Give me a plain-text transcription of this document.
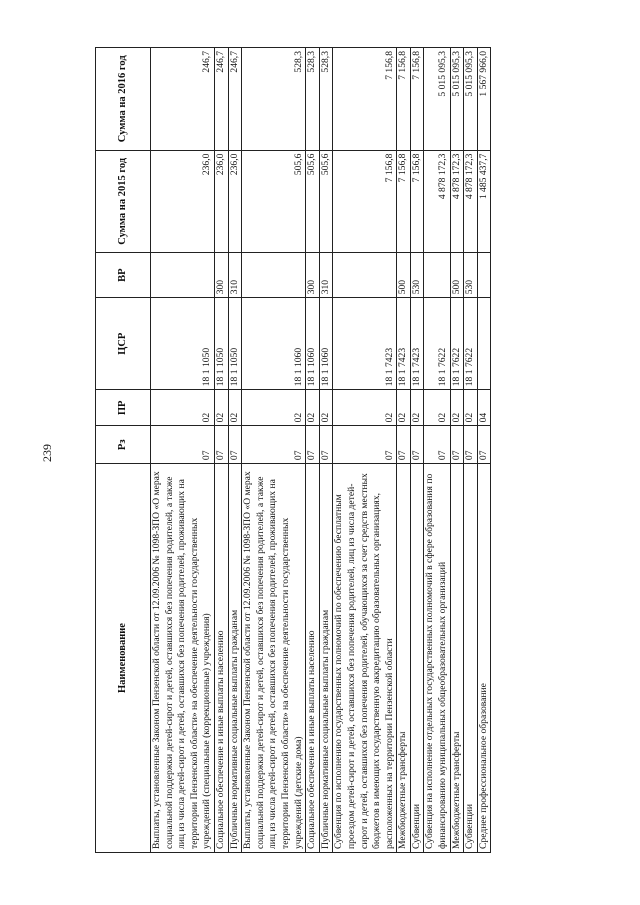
239
Наименование	Рз	ПР	ЦСР	ВР	Сумма на 2015 год	Сумма на 2016 год
Выплаты, установленные Законом Пензенской области от 12.09.2006 № 1098-ЗПО «О мерах социальной поддержки детей-сирот и детей, оставшихся без попечения родителей, а также лиц из числа детей-сирот и детей, оставшихся без попечения родителей, проживающих на территории Пензенской области» на обеспечение деятельности государственных учреждений (специальные (коррекционные) учреждения)	07	02	18 1 1050		236,0	246,7
Социальное обеспечение и иные выплаты населению	07	02	18 1 1050	300	236,0	246,7
Публичные нормативные социальные выплаты гражданам	07	02	18 1 1050	310	236,0	246,7
Выплаты, установленные Законом Пензенской области от 12.09.2006 № 1098-ЗПО «О мерах социальной поддержки детей-сирот и детей, оставшихся без попечения родителей, а также лиц из числа детей-сирот и детей, оставшихся без попечения родителей, проживающих на территории Пензенской области» на обеспечение деятельности государственных учреждений (детские дома)	07	02	18 1 1060		505,6	528,3
Социальное обеспечение и иные выплаты населению	07	02	18 1 1060	300	505,6	528,3
Публичные нормативные социальные выплаты гражданам	07	02	18 1 1060	310	505,6	528,3
Субвенция по исполнению государственных полномочий по обеспечению бесплатным проездом детей-сирот и детей, оставшихся без попечения родителей, лиц из числа детей-сирот и детей, оставшихся без попечения родителей, обучающихся за счет средств местных бюджетов в имеющих государственную аккредитацию образовательных организациях, расположенных на территории Пензенской области	07	02	18 1 7423		7 156,8	7 156,8
Межбюджетные трансферты	07	02	18 1 7423	500	7 156,8	7 156,8
Субвенции	07	02	18 1 7423	530	7 156,8	7 156,8
Субвенция на исполнение отдельных государственных полномочий в сфере образования по финансированию муниципальных общеобразовательных организаций	07	02	18 1 7622		4 878 172,3	5 015 095,3
Межбюджетные трансферты	07	02	18 1 7622	500	4 878 172,3	5 015 095,3
Субвенции	07	02	18 1 7622	530	4 878 172,3	5 015 095,3
Среднее профессиональное образование	07	04			1 485 437,7	1 567 966,0
